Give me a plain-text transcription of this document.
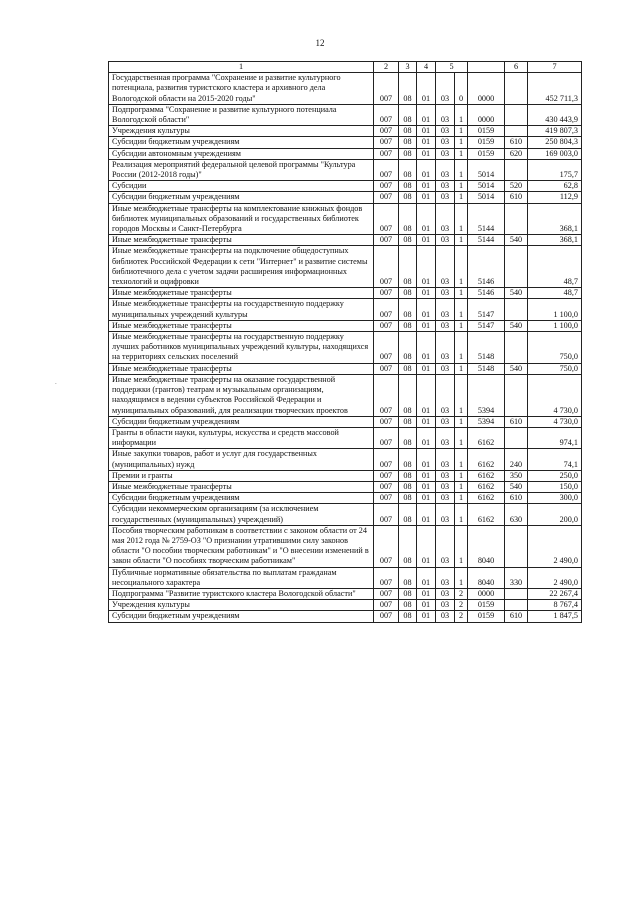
12
.
1	2	3	4	5			6	7
Государственная программа "Сохранение и развитие культурного потенциала, развития туристского кластера и архивного дела Вологодской области на 2015-2020 годы"	007	08	01	03	0	0000		452 711,3
Подпрограмма "Сохранение и развитие культурного потенциала Вологодской области"	007	08	01	03	1	0000		430 443,9
Учреждения культуры	007	08	01	03	1	0159		419 807,3
Субсидии бюджетным учреждениям	007	08	01	03	1	0159	610	250 804,3
Субсидии автономным учреждениям	007	08	01	03	1	0159	620	169 003,0
Реализация мероприятий федеральной целевой программы "Культура России (2012-2018 годы)"	007	08	01	03	1	5014		175,7
Субсидии	007	08	01	03	1	5014	520	62,8
Субсидии бюджетным учреждениям	007	08	01	03	1	5014	610	112,9
Иные межбюджетные трансферты на комплектование книжных фондов библиотек муниципальных образований и государственных библиотек городов Москвы и Санкт-Петербурга	007	08	01	03	1	5144		368,1
Иные межбюджетные трансферты	007	08	01	03	1	5144	540	368,1
Иные межбюджетные трансферты на подключение общедоступных библиотек Российской Федерации к сети "Интернет" и развитие системы библиотечного дела с учетом задачи расширения информационных технологий и оцифровки	007	08	01	03	1	5146		48,7
Иные межбюджетные трансферты	007	08	01	03	1	5146	540	48,7
Иные межбюджетные трансферты на государственную поддержку муниципальных учреждений культуры	007	08	01	03	1	5147		1 100,0
Иные межбюджетные трансферты	007	08	01	03	1	5147	540	1 100,0
Иные межбюджетные трансферты на государственную поддержку лучших работников муниципальных учреждений культуры, находящихся на территориях сельских поселений	007	08	01	03	1	5148		750,0
Иные межбюджетные трансферты	007	08	01	03	1	5148	540	750,0
Иные межбюджетные трансферты на оказание государственной поддержки (грантов) театрам и музыкальным организациям, находящимся в ведении субъектов Российской Федерации и муниципальных образований, для реализации творческих проектов	007	08	01	03	1	5394		4 730,0
Субсидии бюджетным учреждениям	007	08	01	03	1	5394	610	4 730,0
Гранты в области науки, культуры, искусства и средств массовой информации	007	08	01	03	1	6162		974,1
Иные закупки товаров, работ и услуг для государственных (муниципальных) нужд	007	08	01	03	1	6162	240	74,1
Премии и гранты	007	08	01	03	1	6162	350	250,0
Иные межбюджетные трансферты	007	08	01	03	1	6162	540	150,0
Субсидии бюджетным учреждениям	007	08	01	03	1	6162	610	300,0
Субсидии некоммерческим организациям (за исключением государственных (муниципальных) учреждений)	007	08	01	03	1	6162	630	200,0
Пособия творческим работникам в соответствии с законом области от 24 мая 2012 года № 2759-ОЗ "О признании утратившими силу законов области "О пособии творческим работникам" и "О внесении изменений в закон области "О пособиях творческим работникам"	007	08	01	03	1	8040		2 490,0
Публичные нормативные обязательства по выплатам гражданам несоциального характера	007	08	01	03	1	8040	330	2 490,0
Подпрограмма "Развитие туристского кластера Вологодской области"	007	08	01	03	2	0000		22 267,4
Учреждения культуры	007	08	01	03	2	0159		8 767,4
Субсидии бюджетным учреждениям	007	08	01	03	2	0159	610	1 847,5
